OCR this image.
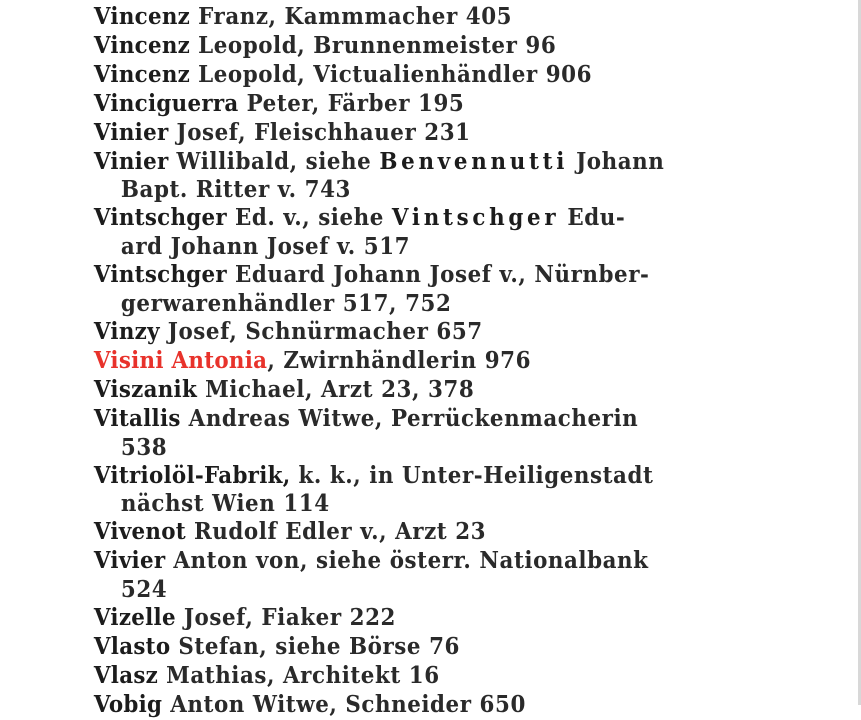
Vincenz Franz, Kammmacher 405
Vincenz Leopold, Brunnenmeister 96
Vincenz Leopold, Victualienhändler 906
Vinciguerra Peter, Färber 195
Vinier Josef, Fleischhauer 231
Vinier Willibald, siehe Benvennutti Johann
Bapt. Ritter v. 743
Vintschger Ed. v., siehe Vintschger Edu-
ard Johann Josef v. 517
Vintschger Eduard Johann Josef v., Nürnber-
gerwarenhändler 517, 752
Vinzy Josef, Schnürmacher 657
Visini Antonia, Zwirnhändlerin 976
Viszanik Michael, Arzt 23, 378
Vitallis Andreas Witwe, Perrückenmacherin
538
Vitriolöl-Fabrik, k. k., in Unter-Heiligenstadt
nächst Wien 114
Vivenot Rudolf Edler v., Arzt 23
Vivier Anton von, siehe österr. Nationalbank
524
Vizelle Josef, Fiaker 222
Vlasto Stefan, siehe Börse 76
Vlasz Mathias, Architekt 16
Vobig Anton Witwe, Schneider 650
